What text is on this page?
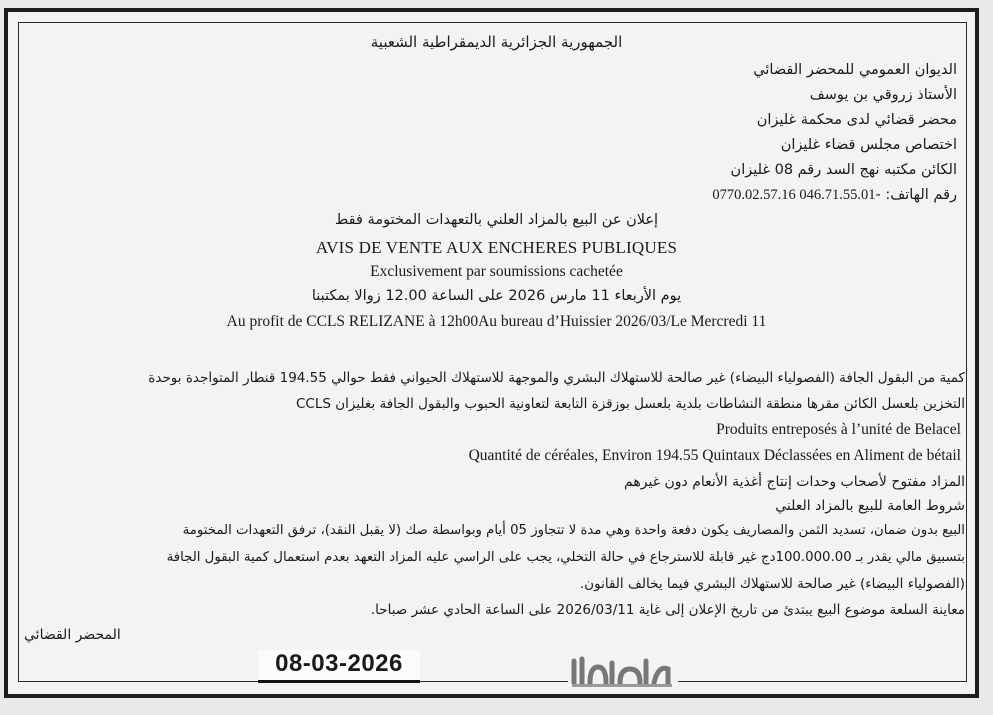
الجمهورية الجزائرية الديمقراطية الشعبية
الديوان العمومي للمحضر القضائي
الأستاذ زروقي بن يوسف
محضر قضائي لدى محكمة غليزان
اختصاص مجلس قضاء غليزان
الكائن مكتبه نهج السد رقم 08 غليزان
رقم الهاتف: -0770.02.57.16 046.71.55.01
إعلان عن البيع بالمزاد العلني بالتعهدات المختومة فقط
AVIS DE VENTE AUX ENCHERES PUBLIQUES
Exclusivement par soumissions cachetée
يوم الأربعاء 11 مارس 2026 على الساعة 12.00 زوالا بمكتبنا
Au profit de CCLS RELIZANE à 12h00Au bureau d’Huissier 2026/03/Le Mercredi 11
كمية من البقول الجافة (الفصولياء البيضاء) غير صالحة للاستهلاك البشري والموجهة للاستهلاك الحيواني فقط حوالي 194.55 قنطار المتواجدة بوحدة
التخزين بلعسل الكائن مقرها منطقة النشاطات بلدية بلعسل بوزقزة التابعة لتعاونية الحبوب والبقول الجافة بغليزان CCLS
Produits entreposés à l’unité de Belacel
Quantité de céréales, Environ 194.55 Quintaux Déclassées en Aliment de bétail
المزاد مفتوح لأصحاب وحدات إنتاج أغذية الأنعام دون غيرهم
شروط العامة للبيع بالمزاد العلني
البيع بدون ضمان، تسديد الثمن والمصاريف يكون دفعة واحدة وهي مدة لا تتجاوز 05 أيام وبواسطة صك (لا يقبل النقد)، ترفق التعهدات المختومة
بتسبيق مالي يقدر بـ 100.000.00دج غير قابلة للاسترجاع في حالة التخلي، يجب على الراسي عليه المزاد التعهد بعدم استعمال كمية البقول الجافة
(الفصولياء البيضاء) غير صالحة للاستهلاك البشري فيما يخالف القانون.
معاينة السلعة موضوع البيع يبتدئ من تاريخ الإعلان إلى غاية 2026/03/11 على الساعة الحادي عشر صباحا.
المحضر القضائي
08-03-2026
